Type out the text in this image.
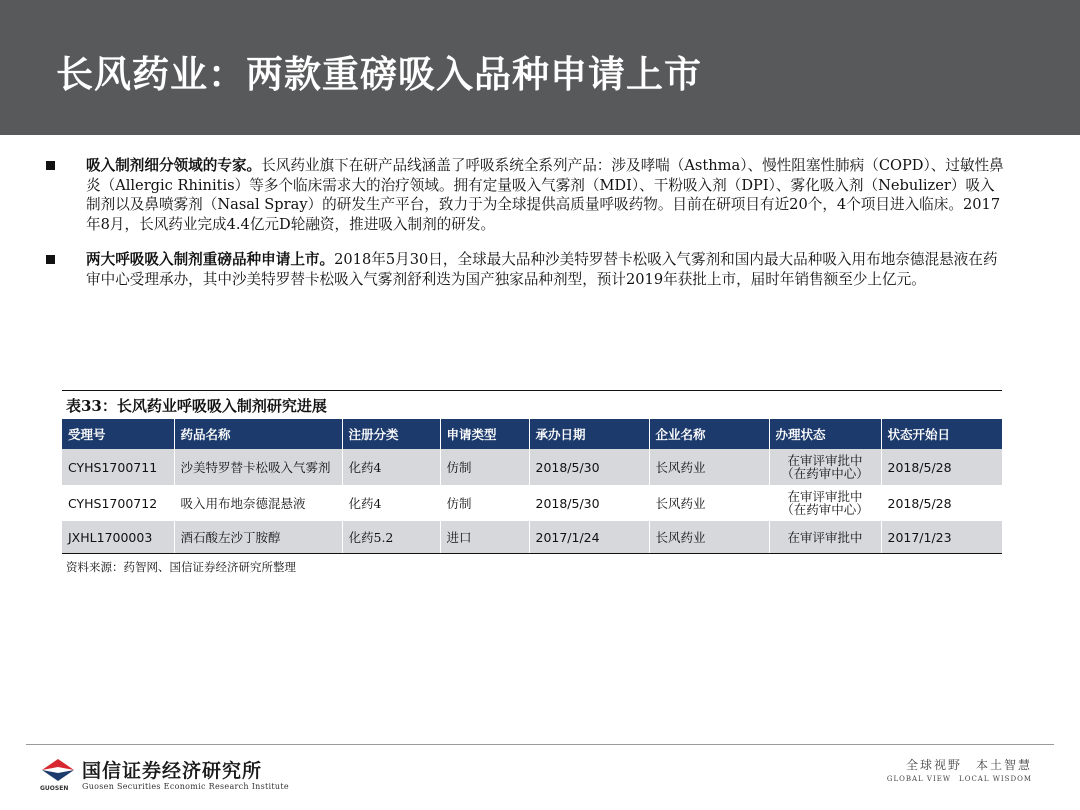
长风药业：两款重磅吸入品种申请上市
吸入制剂细分领域的专家。长风药业旗下在研产品线涵盖了呼吸系统全系列产品：涉及哮喘（Asthma）、慢性阻塞性肺病（COPD）、过敏性鼻炎（Allergic Rhinitis）等多个临床需求大的治疗领域。拥有定量吸入气雾剂（MDI）、干粉吸入剂（DPI）、雾化吸入剂（Nebulizer）吸入制剂以及鼻喷雾剂（Nasal Spray）的研发生产平台，致力于为全球提供高质量呼吸药物。目前在研项目有近20个，4个项目进入临床。2017年8月，长风药业完成4.4亿元D轮融资，推进吸入制剂的研发。
两大呼吸吸入制剂重磅品种申请上市。2018年5月30日，全球最大品种沙美特罗替卡松吸入气雾剂和国内最大品种吸入用布地奈德混悬液在药审中心受理承办，其中沙美特罗替卡松吸入气雾剂舒利迭为国产独家品种剂型，预计2019年获批上市，届时年销售额至少上亿元。
表33：长风药业呼吸吸入制剂研究进展
受理号	药品名称	注册分类	申请类型	承办日期	企业名称	办理状态	状态开始日
CYHS1700711	沙美特罗替卡松吸入气雾剂	化药4	仿制	2018/5/30	长风药业	在审评审批中（在药审中心）	2018/5/28
CYHS1700712	吸入用布地奈德混悬液	化药4	仿制	2018/5/30	长风药业	在审评审批中（在药审中心）	2018/5/28
JXHL1700003	酒石酸左沙丁胺醇	化药5.2	进口	2017/1/24	长风药业	在审评审批中	2017/1/23
资料来源：药智网、国信证券经济研究所整理
GUOSEN
国信证券经济研究所
Guosen Securities Economic Research Institute
全球视野　本土智慧
GLOBAL VIEW　LOCAL WISDOM
